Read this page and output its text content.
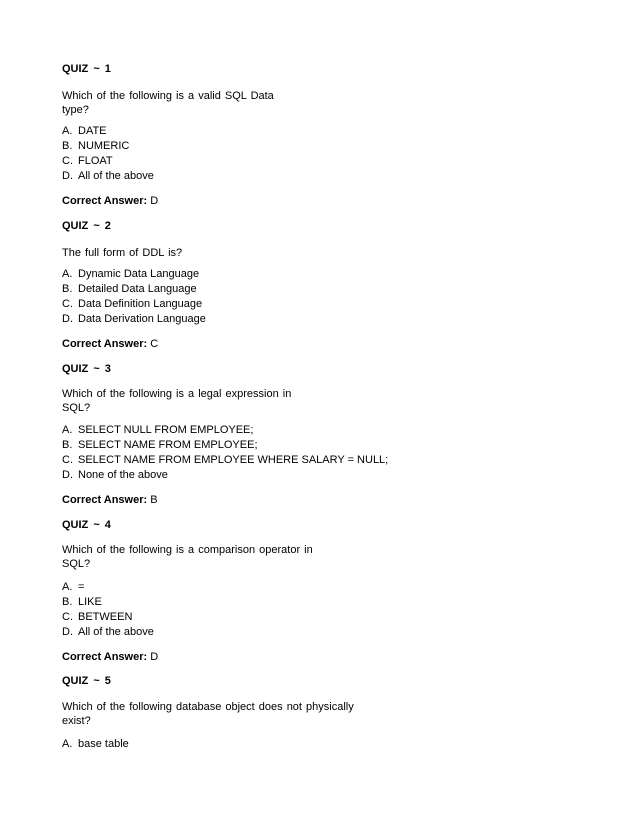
QUIZ ~ 1
Which of the following is a valid SQL Data
type?
A. DATE
B. NUMERIC
C. FLOAT
D. All of the above
Correct Answer: D
QUIZ ~ 2
The full form of DDL is?
A. Dynamic Data Language
B. Detailed Data Language
C. Data Definition Language
D. Data Derivation Language
Correct Answer: C
QUIZ ~ 3
Which of the following is a legal expression in
SQL?
A. SELECT NULL FROM EMPLOYEE;
B. SELECT NAME FROM EMPLOYEE;
C. SELECT NAME FROM EMPLOYEE WHERE SALARY = NULL;
D. None of the above
Correct Answer: B
QUIZ ~ 4
Which of the following is a comparison operator in
SQL?
A. =
B. LIKE
C. BETWEEN
D. All of the above
Correct Answer: D
QUIZ ~ 5
Which of the following database object does not physically
exist?
A. base table
